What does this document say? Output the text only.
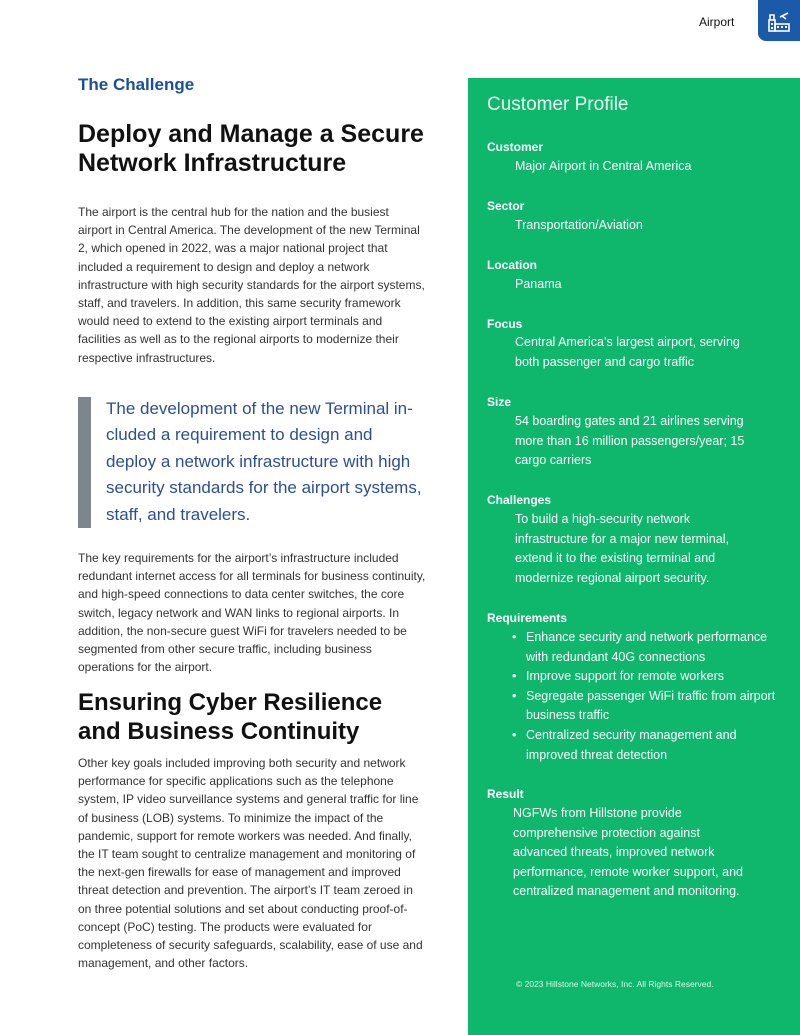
Airport
The Challenge
Deploy and Manage a Secure Network Infrastructure

The airport is the central hub for the nation and the busiest airport in Central America. The development of the new Terminal 2, which opened in 2022, was a major national project that included a requirement to design and deploy a network infrastructure with high security standards for the airport systems, staff, and travelers. In addition, this same security framework would need to extend to the existing airport terminals and facilities as well as to the regional airports to modernize their respective infrastructures.

The development of the new Terminal in-cluded a requirement to design and deploy a network infrastructure with high security standards for the airport systems, staff, and travelers.

The key requirements for the airport’s infrastructure included redundant internet access for all terminals for business continuity, and high-speed connections to data center switches, the core switch, legacy network and WAN links to regional airports. In addition, the non-secure guest WiFi for travelers needed to be segmented from other secure traffic, including business operations for the airport.

Ensuring Cyber Resilience and Business Continuity

Other key goals included improving both security and network performance for specific applications such as the telephone system, IP video surveillance systems and general traffic for line of business (LOB) systems. To minimize the impact of the pandemic, support for remote workers was needed. And finally, the IT team sought to centralize management and monitoring of the next-gen firewalls for ease of management and improved threat detection and prevention. The airport’s IT team zeroed in on three potential solutions and set about conducting proof-of-concept (PoC) testing. The products were evaluated for completeness of security safeguards, scalability, ease of use and management, and other factors.

Customer Profile
Customer

Major Airport in Central America

Sector

Transportation/Aviation

Location

Panama

Focus

Central America’s largest airport, serving both passenger and cargo traffic

Size

54 boarding gates and 21 airlines serving more than 16 million passengers/year; 15 cargo carriers

Challenges

To build a high-security network infrastructure for a major new terminal, extend it to the existing terminal and modernize regional airport security.

Requirements
• Enhance security and network performance with redundant 40G connections
• Improve support for remote workers
• Segregate passenger WiFi traffic from airport business traffic
• Centralized security management and improved threat detection
Result

NGFWs from Hillstone provide comprehensive protection against advanced threats, improved network performance, remote worker support, and centralized management and monitoring.

© 2023 Hillstone Networks, Inc. All Rights Reserved.
